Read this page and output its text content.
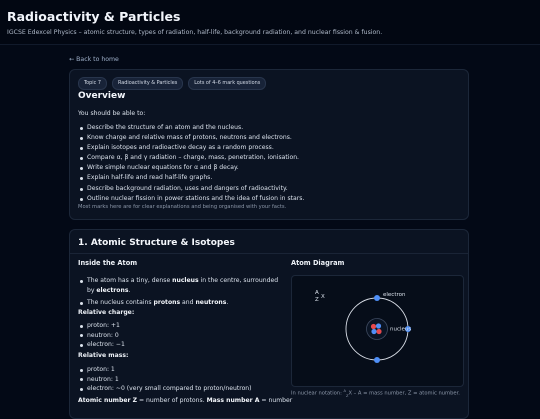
Radioactivity & Particles
IGCSE Edexcel Physics – atomic structure, types of radiation, half-life, background radiation, and nuclear fission & fusion.
← Back to home
Topic 7	Radioactivity & Particles	Lots of 4–6 mark questions
Overview
You should be able to:
Describe the structure of an atom and the nucleus.
Know charge and relative mass of protons, neutrons and electrons.
Explain isotopes and radioactive decay as a random process.
Compare α, β and γ radiation – charge, mass, penetration, ionisation.
Write simple nuclear equations for α and β decay.
Explain half-life and read half-life graphs.
Describe background radiation, uses and dangers of radioactivity.
Outline nuclear fission in power stations and the idea of fusion in stars.
Most marks here are for clear explanations and being organised with your facts.
1. Atomic Structure & Isotopes
Inside the Atom
The atom has a tiny, dense nucleus in the centre, surrounded by electrons.
The nucleus contains protons and neutrons.
Relative charge:
proton: +1
neutron: 0
electron: −1
Relative mass:
proton: 1
neutron: 1
electron: ~0 (very small compared to proton/neutron)
Atomic number Z = number of protons. Mass number A = number
Atom Diagram
A
Z X	electron
nucleus
In nuclear notation: $^A_Z$X – A = mass number, Z = atomic number.
